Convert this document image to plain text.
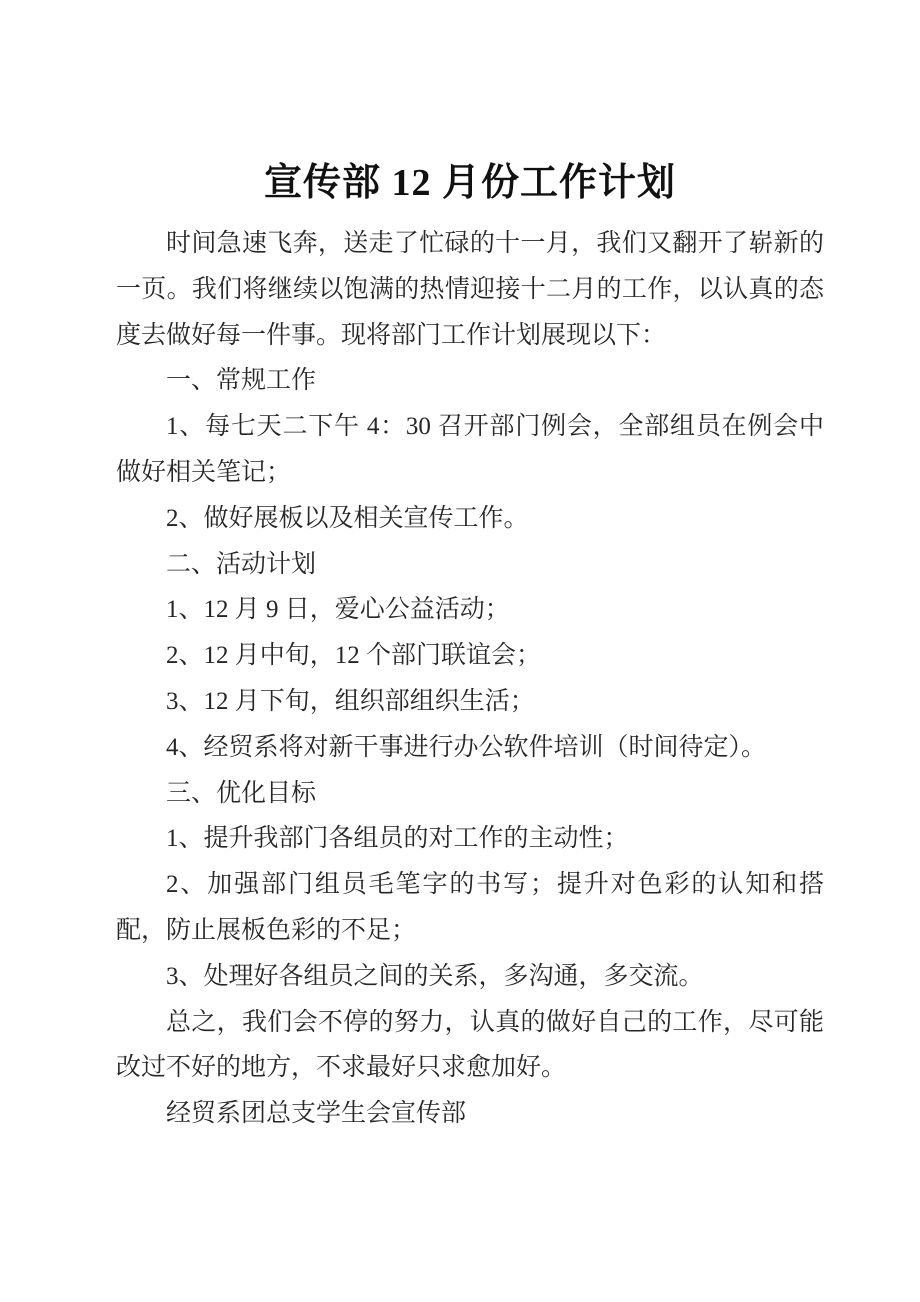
宣传部 12 月份工作计划

时间急速飞奔，送走了忙碌的十一月，我们又翻开了崭新的一页。我们将继续以饱满的热情迎接十二月的工作，以认真的态度去做好每一件事。现将部门工作计划展现以下：

一、常规工作

1、每七天二下午 4：30 召开部门例会，全部组员在例会中做好相关笔记；

2、做好展板以及相关宣传工作。

二、活动计划

1、12 月 9 日，爱心公益活动；

2、12 月中旬，12 个部门联谊会；

3、12 月下旬，组织部组织生活；

4、经贸系将对新干事进行办公软件培训（时间待定）。

三、优化目标

1、提升我部门各组员的对工作的主动性；

2、加强部门组员毛笔字的书写；提升对色彩的认知和搭配，防止展板色彩的不足；

3、处理好各组员之间的关系，多沟通，多交流。

总之，我们会不停的努力，认真的做好自己的工作，尽可能改过不好的地方，不求最好只求愈加好。

经贸系团总支学生会宣传部
